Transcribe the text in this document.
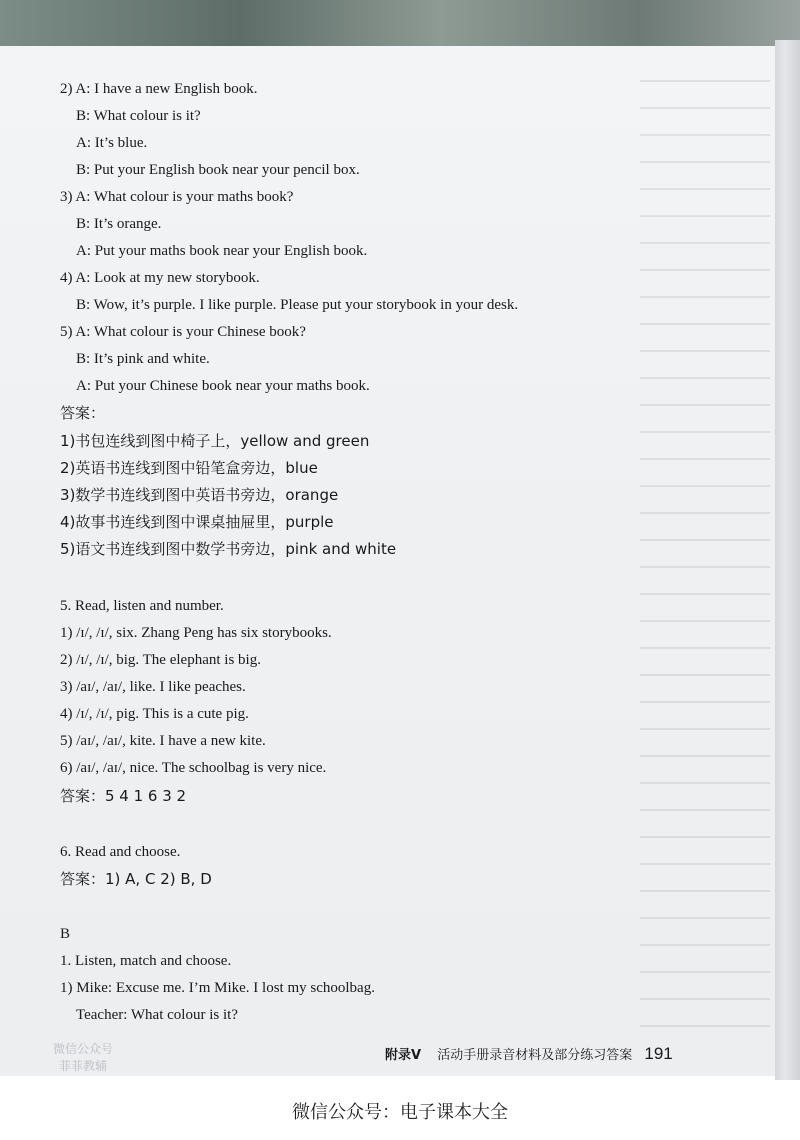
2) A: I have a new English book.
B: What colour is it?
A: It’s blue.
B: Put your English book near your pencil box.
3) A: What colour is your maths book?
B: It’s orange.
A: Put your maths book near your English book.
4) A: Look at my new storybook.
B: Wow, it’s purple. I like purple. Please put your storybook in your desk.
5) A: What colour is your Chinese book?
B: It’s pink and white.
A: Put your Chinese book near your maths book.
答案：
1)书包连线到图中椅子上，yellow and green
2)英语书连线到图中铅笔盒旁边，blue
3)数学书连线到图中英语书旁边，orange
4)故事书连线到图中课桌抽屉里，purple
5)语文书连线到图中数学书旁边，pink and white
5. Read, listen and number.
1) /ɪ/, /ɪ/, six. Zhang Peng has six storybooks.
2) /ɪ/, /ɪ/, big. The elephant is big.
3) /aɪ/, /aɪ/, like. I like peaches.
4) /ɪ/, /ɪ/, pig. This is a cute pig.
5) /aɪ/, /aɪ/, kite. I have a new kite.
6) /aɪ/, /aɪ/, nice. The schoolbag is very nice.
答案：5 4 1 6 3 2
6. Read and choose.
答案：1) A, C 2) B, D
B
1. Listen, match and choose.
1) Mike: Excuse me. I’m Mike. I lost my schoolbag.
Teacher: What colour is it?
微信公众号
菲菲教辅
附录V 活动手册录音材料及部分练习答案 191
微信公众号：电子课本大全
